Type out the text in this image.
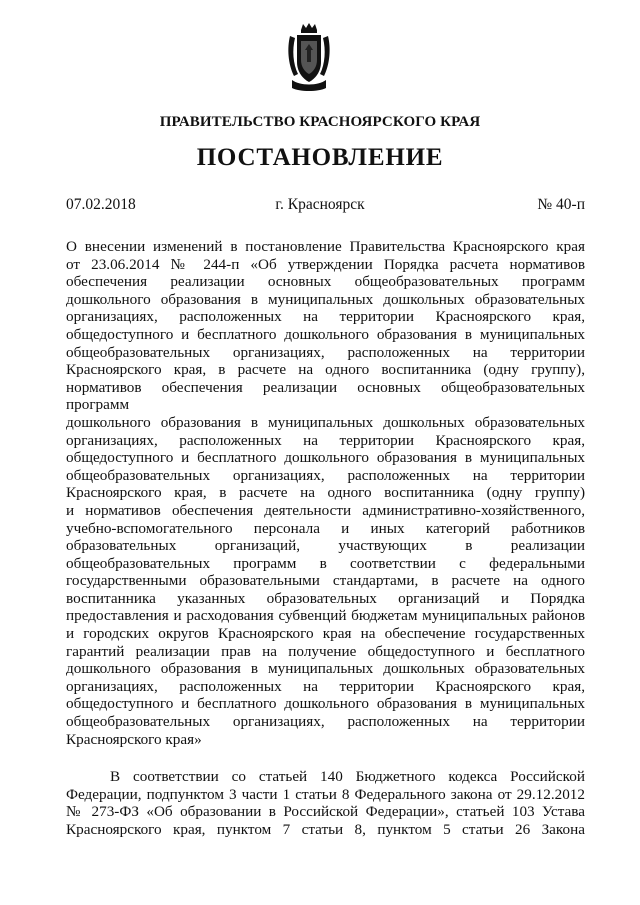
ПРАВИТЕЛЬСТВО КРАСНОЯРСКОГО КРАЯ
ПОСТАНОВЛЕНИЕ
07.02.2018	г. Красноярск	№ 40-п

О внесении изменений в постановление Правительства Красноярского края

от 23.06.2014 № 244-п «Об утверждении Порядка расчета нормативов

обеспечения реализации основных общеобразовательных программ

дошкольного образования в муниципальных дошкольных образовательных

организациях, расположенных на территории Красноярского края,

общедоступного и бесплатного дошкольного образования в муниципальных

общеобразовательных организациях, расположенных на территории

Красноярского края, в расчете на одного воспитанника (одну группу),

нормативов обеспечения реализации основных общеобразовательных программ

дошкольного образования в муниципальных дошкольных образовательных

организациях, расположенных на территории Красноярского края,

общедоступного и бесплатного дошкольного образования в муниципальных

общеобразовательных организациях, расположенных на территории

Красноярского края, в расчете на одного воспитанника (одну группу)

и нормативов обеспечения деятельности административно-хозяйственного,

учебно-вспомогательного персонала и иных категорий работников

образовательных организаций, участвующих в реализации

общеобразовательных программ в соответствии с федеральными

государственными образовательными стандартами, в расчете на одного

воспитанника указанных образовательных организаций и Порядка

предоставления и расходования субвенций бюджетам муниципальных районов

и городских округов Красноярского края на обеспечение государственных

гарантий реализации прав на получение общедоступного и бесплатного

дошкольного образования в муниципальных дошкольных образовательных

организациях, расположенных на территории Красноярского края,

общедоступного и бесплатного дошкольного образования в муниципальных

общеобразовательных организациях, расположенных на территории

Красноярского края»

В соответствии со статьей 140 Бюджетного кодекса Российской Федерации, подпунктом 3 части 1 статьи 8 Федерального закона от 29.12.2012 № 273-ФЗ «Об образовании в Российской Федерации», статьей 103 Устава Красноярского края, пунктом 7 статьи 8, пунктом 5 статьи 26 Закона
